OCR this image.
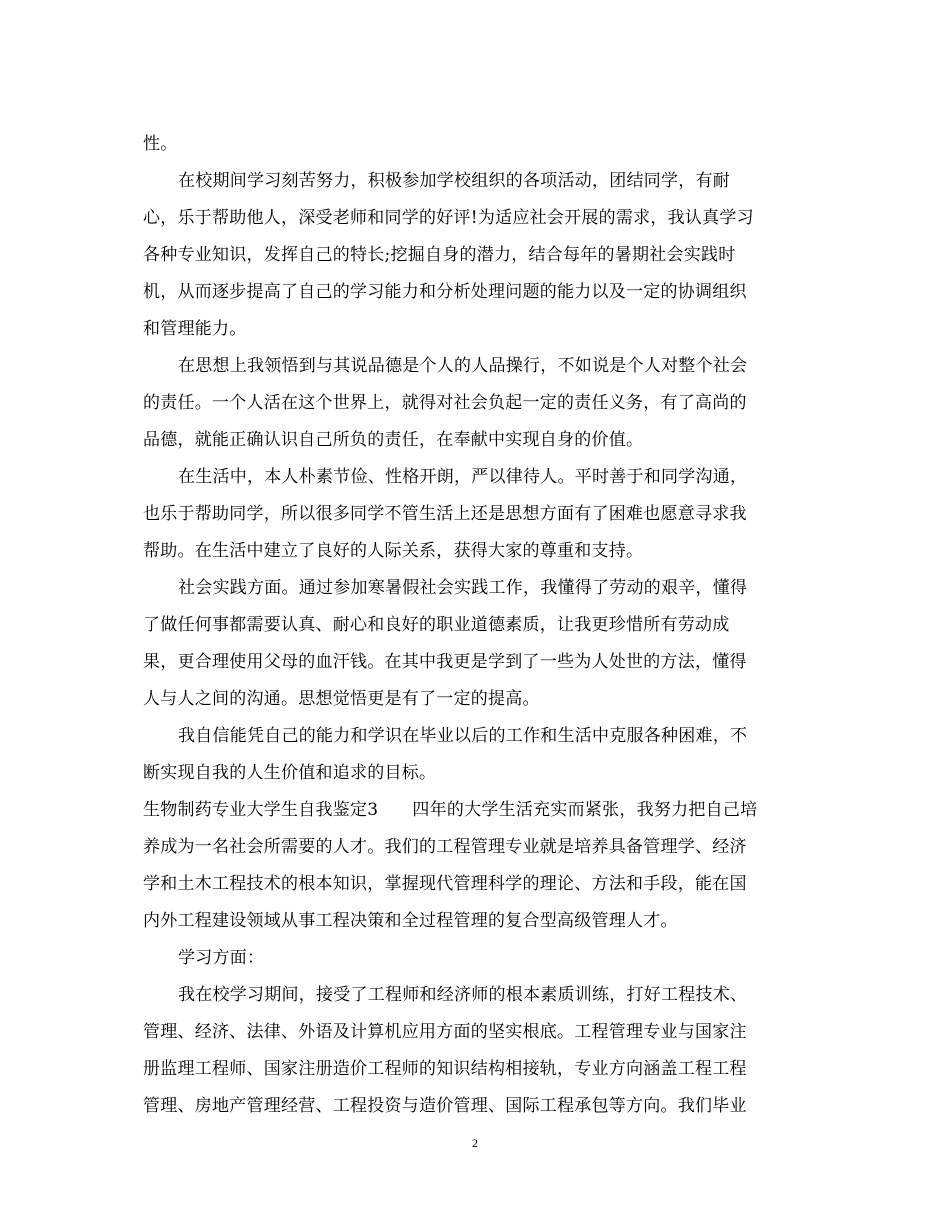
性。
在校期间学习刻苦努力，积极参加学校组织的各项活动，团结同学，有耐
心，乐于帮助他人，深受老师和同学的好评!为适应社会开展的需求，我认真学习
各种专业知识，发挥自己的特长;挖掘自身的潜力，结合每年的暑期社会实践时
机，从而逐步提高了自己的学习能力和分析处理问题的能力以及一定的协调组织
和管理能力。
在思想上我领悟到与其说品德是个人的人品操行，不如说是个人对整个社会
的责任。一个人活在这个世界上，就得对社会负起一定的责任义务，有了高尚的
品德，就能正确认识自己所负的责任，在奉献中实现自身的价值。
在生活中，本人朴素节俭、性格开朗，严以律待人。平时善于和同学沟通，
也乐于帮助同学，所以很多同学不管生活上还是思想方面有了困难也愿意寻求我
帮助。在生活中建立了良好的人际关系，获得大家的尊重和支持。
社会实践方面。通过参加寒暑假社会实践工作，我懂得了劳动的艰辛，懂得
了做任何事都需要认真、耐心和良好的职业道德素质，让我更珍惜所有劳动成
果，更合理使用父母的血汗钱。在其中我更是学到了一些为人处世的方法，懂得
人与人之间的沟通。思想觉悟更是有了一定的提高。
我自信能凭自己的能力和学识在毕业以后的工作和生活中克服各种困难，不
断实现自我的人生价值和追求的目标。
生物制药专业大学生自我鉴定3 四年的大学生活充实而紧张，我努力把自己培
养成为一名社会所需要的人才。我们的工程管理专业就是培养具备管理学、经济
学和土木工程技术的根本知识，掌握现代管理科学的理论、方法和手段，能在国
内外工程建设领域从事工程决策和全过程管理的复合型高级管理人才。
学习方面：
我在校学习期间，接受了工程师和经济师的根本素质训练，打好工程技术、
管理、经济、法律、外语及计算机应用方面的坚实根底。工程管理专业与国家注
册监理工程师、国家注册造价工程师的知识结构相接轨，专业方向涵盖工程工程
管理、房地产管理经营、工程投资与造价管理、国际工程承包等方向。我们毕业
2
